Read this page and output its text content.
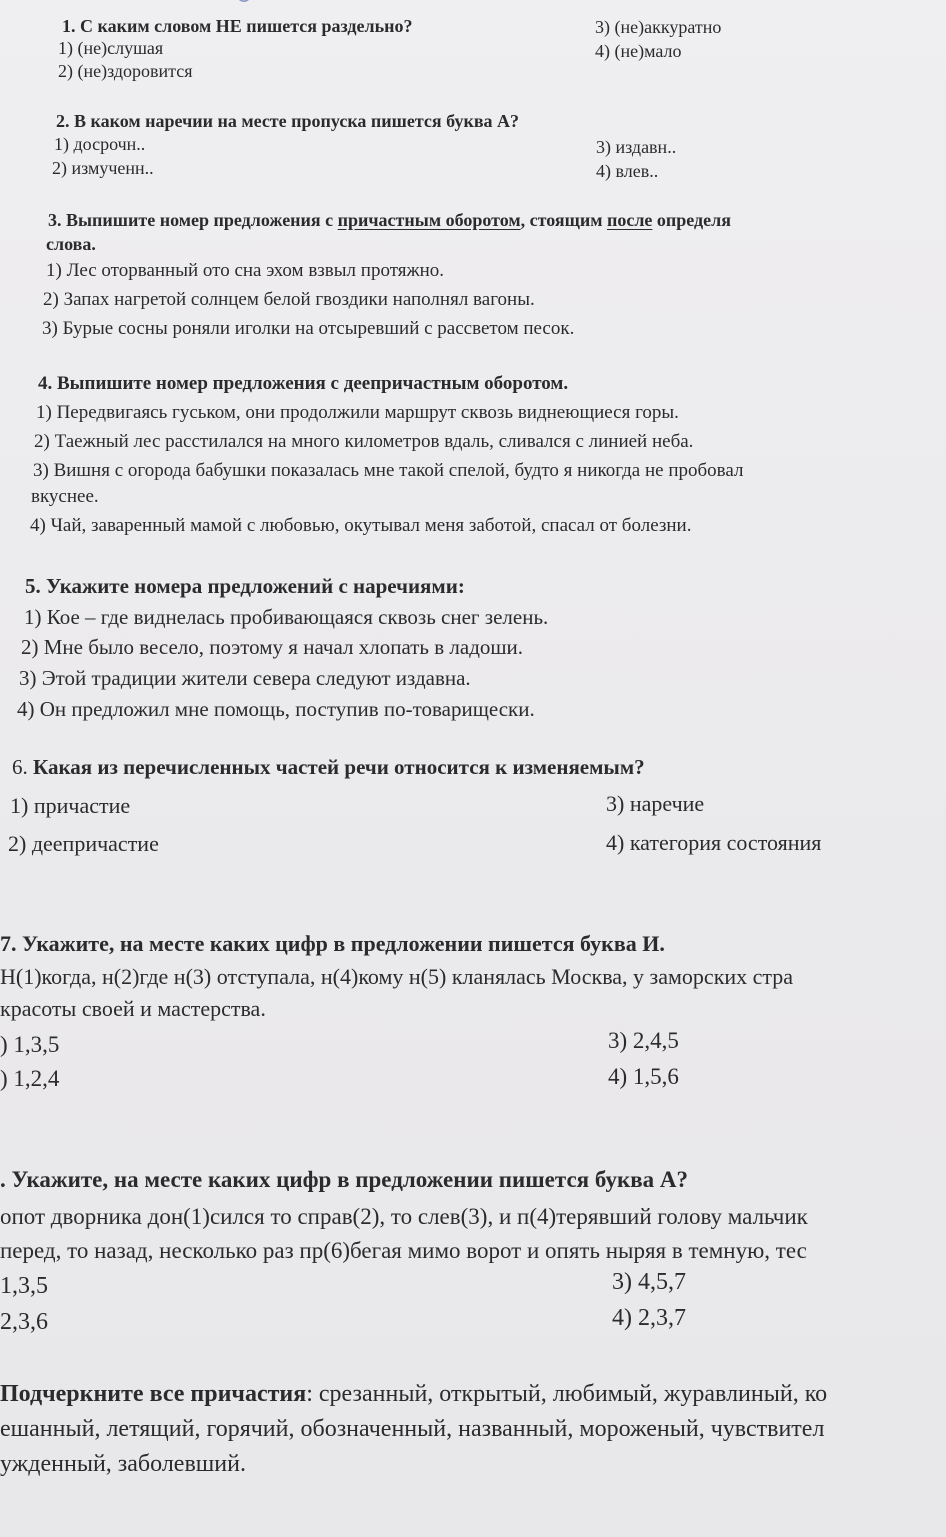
1. С каким словом НЕ пишется раздельно?
1) (не)слушая
2) (не)здоровится
3) (не)аккуратно
4) (не)мало
2. В каком наречии на месте пропуска пишется буква А?
1) досрочн..
2) измученн..
3) издавн..
4) влев..
3. Выпишите номер предложения с причастным оборотом, стоящим после определя
слова.
1) Лес оторванный ото сна эхом взвыл протяжно.
2) Запах нагретой солнцем белой гвоздики наполнял вагоны.
3) Бурые сосны роняли иголки на отсыревший с рассветом песок.
4. Выпишите номер предложения с деепричастным оборотом.
1) Передвигаясь гуськом, они продолжили маршрут сквозь виднеющиеся горы.
2) Таежный лес расстилался на много километров вдаль, сливался с линией неба.
3) Вишня с огорода бабушки показалась мне такой спелой, будто я никогда не пробовал
вкуснее.
4) Чай, заваренный мамой с любовью, окутывал меня заботой, спасал от болезни.
5. Укажите номера предложений с наречиями:
1) Кое – где виднелась пробивающаяся сквозь снег зелень.
2) Мне было весело, поэтому я начал хлопать в ладоши.
3) Этой традиции жители севера следуют издавна.
4) Он предложил мне помощь, поступив по-товарищески.
6. Какая из перечисленных частей речи относится к изменяемым?
1) причастие
2) деепричастие
3) наречие
4) категория состояния
7. Укажите, на месте каких цифр в предложении пишется буква И.
Н(1)когда, н(2)где н(3) отступала, н(4)кому н(5) кланялась Москва, у заморских стра
красоты своей и мастерства.
) 1,3,5
) 1,2,4
3) 2,4,5
4) 1,5,6
. Укажите, на месте каких цифр в предложении пишется буква А?
опот дворника дон(1)сился то справ(2), то слев(3), и п(4)терявший голову мальчик
перед, то назад, несколько раз пр(6)бегая мимо ворот и опять ныряя в темную, тес
1,3,5
2,3,6
3) 4,5,7
4) 2,3,7
Подчеркните все причастия: срезанный, открытый, любимый, журавлиный, ко
ешанный, летящий, горячий, обозначенный, названный, мороженый, чувствител
ужденный, заболевший.
